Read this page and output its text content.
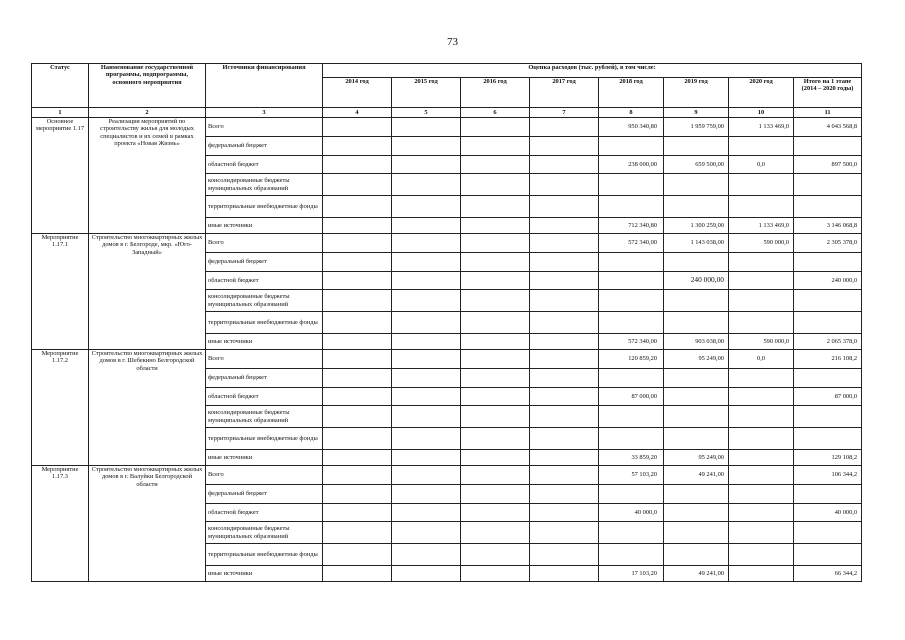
73
Статус	Наименование государственной программы, подпрограммы, основного мероприятия	Источники финансирования	Оценка расходов (тыс. рублей), в том числе:							
			2014 год	2015 год	2016 год	2017 год	2018 год	2019 год	2020 год	Итого на 1 этапе (2014 – 2020 годы)
1	2	3	4	5	6	7	8	9	10	11
Основное мероприятие 1.17	Реализация мероприятий по строительству жилья для молодых специалистов и их семей в рамках проекта «Новая Жизнь»	Всего					950 340,80	1 959 759,00	1 133 469,0	4 043 568,8
		федеральный бюджет								
		областной бюджет					238 000,00	659 500,00	0,0	897 500,0
		консолидированные бюджеты муниципальных образований								
		территориальные внебюджетные фонды								
		иные источники					712 340,80	1 300 259,00	1 133 469,0	3 146 068,8
Мероприятие 1.17.1	Строительство многоквартирных жилых домов в г. Белгороде, мкр. «Юго-Западный»	Всего					572 340,00	1 143 038,00	590 000,0	2 305 378,0
		федеральный бюджет								
		областной бюджет						240 000,00		240 000,0
		консолидированные бюджеты муниципальных образований								
		территориальные внебюджетные фонды								
		иные источники					572 340,00	903 038,00	590 000,0	2 065 378,0
Мероприятие 1.17.2	Строительство многоквартирных жилых домов в г. Шебекино Белгородской области	Всего					120 859,20	95 249,00	0,0	216 108,2
		федеральный бюджет								
		областной бюджет					87 000,00			87 000,0
		консолидированные бюджеты муниципальных образований								
		территориальные внебюджетные фонды								
		иные источники					33 859,20	95 249,00		129 108,2
Мероприятие 1.17.3	Строительство многоквартирных жилых домов в г. Валуйки Белгородской области	Всего					57 103,20	49 241,00		106 344,2
		федеральный бюджет								
		областной бюджет					40 000,0			40 000,0
		консолидированные бюджеты муниципальных образований								
		территориальные внебюджетные фонды								
		иные источники					17 103,20	49 241,00		66 344,2
